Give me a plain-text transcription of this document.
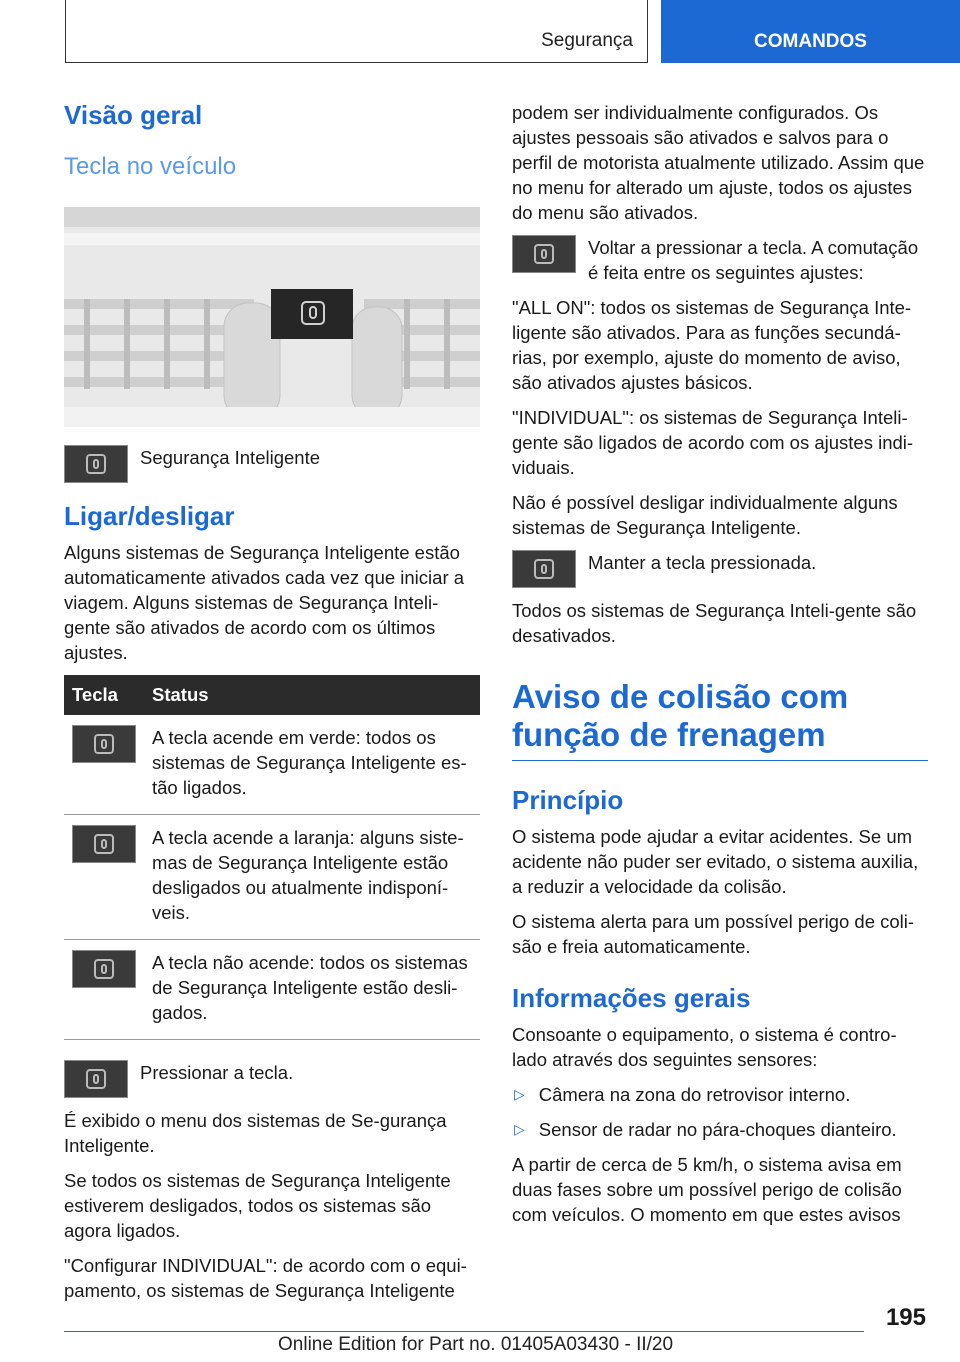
Segurança	COMANDOS
Visão geral
Tecla no veículo

Segurança Inteligente

Ligar/desligar

Alguns sistemas de Segurança Inteligente estão automaticamente ativados cada vez que iniciar a viagem. Alguns sistemas de Segurança Inteli-gente são ativados de acordo com os últimos ajustes.

Tecla	Status

	A tecla acende em verde: todos os sistemas de Segurança Inteligente es-tão ligados.

	A tecla acende a laranja: alguns siste-mas de Segurança Inteligente estão desligados ou atualmente indisponí-veis.

	A tecla não acende: todos os sistemas de Segurança Inteligente estão desli-gados.

Pressionar a tecla.

É exibido o menu dos sistemas de Se-gurança Inteligente.

Se todos os sistemas de Segurança Inteligente estiverem desligados, todos os sistemas são agora ligados.

"Configurar INDIVIDUAL": de acordo com o equi-pamento, os sistemas de Segurança Inteligente

podem ser individualmente configurados. Os ajustes pessoais são ativados e salvos para o perfil de motorista atualmente utilizado. Assim que no menu for alterado um ajuste, todos os ajustes do menu são ativados.

Voltar a pressionar a tecla. A comutação é feita entre os seguintes ajustes:

"ALL ON": todos os sistemas de Segurança Inte-ligente são ativados. Para as funções secundá-rias, por exemplo, ajuste do momento de aviso, são ativados ajustes básicos.

"INDIVIDUAL": os sistemas de Segurança Inteli-gente são ligados de acordo com os ajustes indi-viduais.

Não é possível desligar individualmente alguns sistemas de Segurança Inteligente.

Manter a tecla pressionada.

Todos os sistemas de Segurança Inteli-gente são desativados.

Aviso de colisão com função de frenagem
Princípio

O sistema pode ajudar a evitar acidentes. Se um acidente não puder ser evitado, o sistema auxilia, a reduzir a velocidade da colisão.

O sistema alerta para um possível perigo de coli-são e freia automaticamente.

Informações gerais

Consoante o equipamento, o sistema é contro-lado através dos seguintes sensores:

▷ Câmera na zona do retrovisor interno.
▷ Sensor de radar no pára-choques dianteiro.

A partir de cerca de 5 km/h, o sistema avisa em duas fases sobre um possível perigo de colisão com veículos. O momento em que estes avisos

195
Online Edition for Part no. 01405A03430 - II/20
